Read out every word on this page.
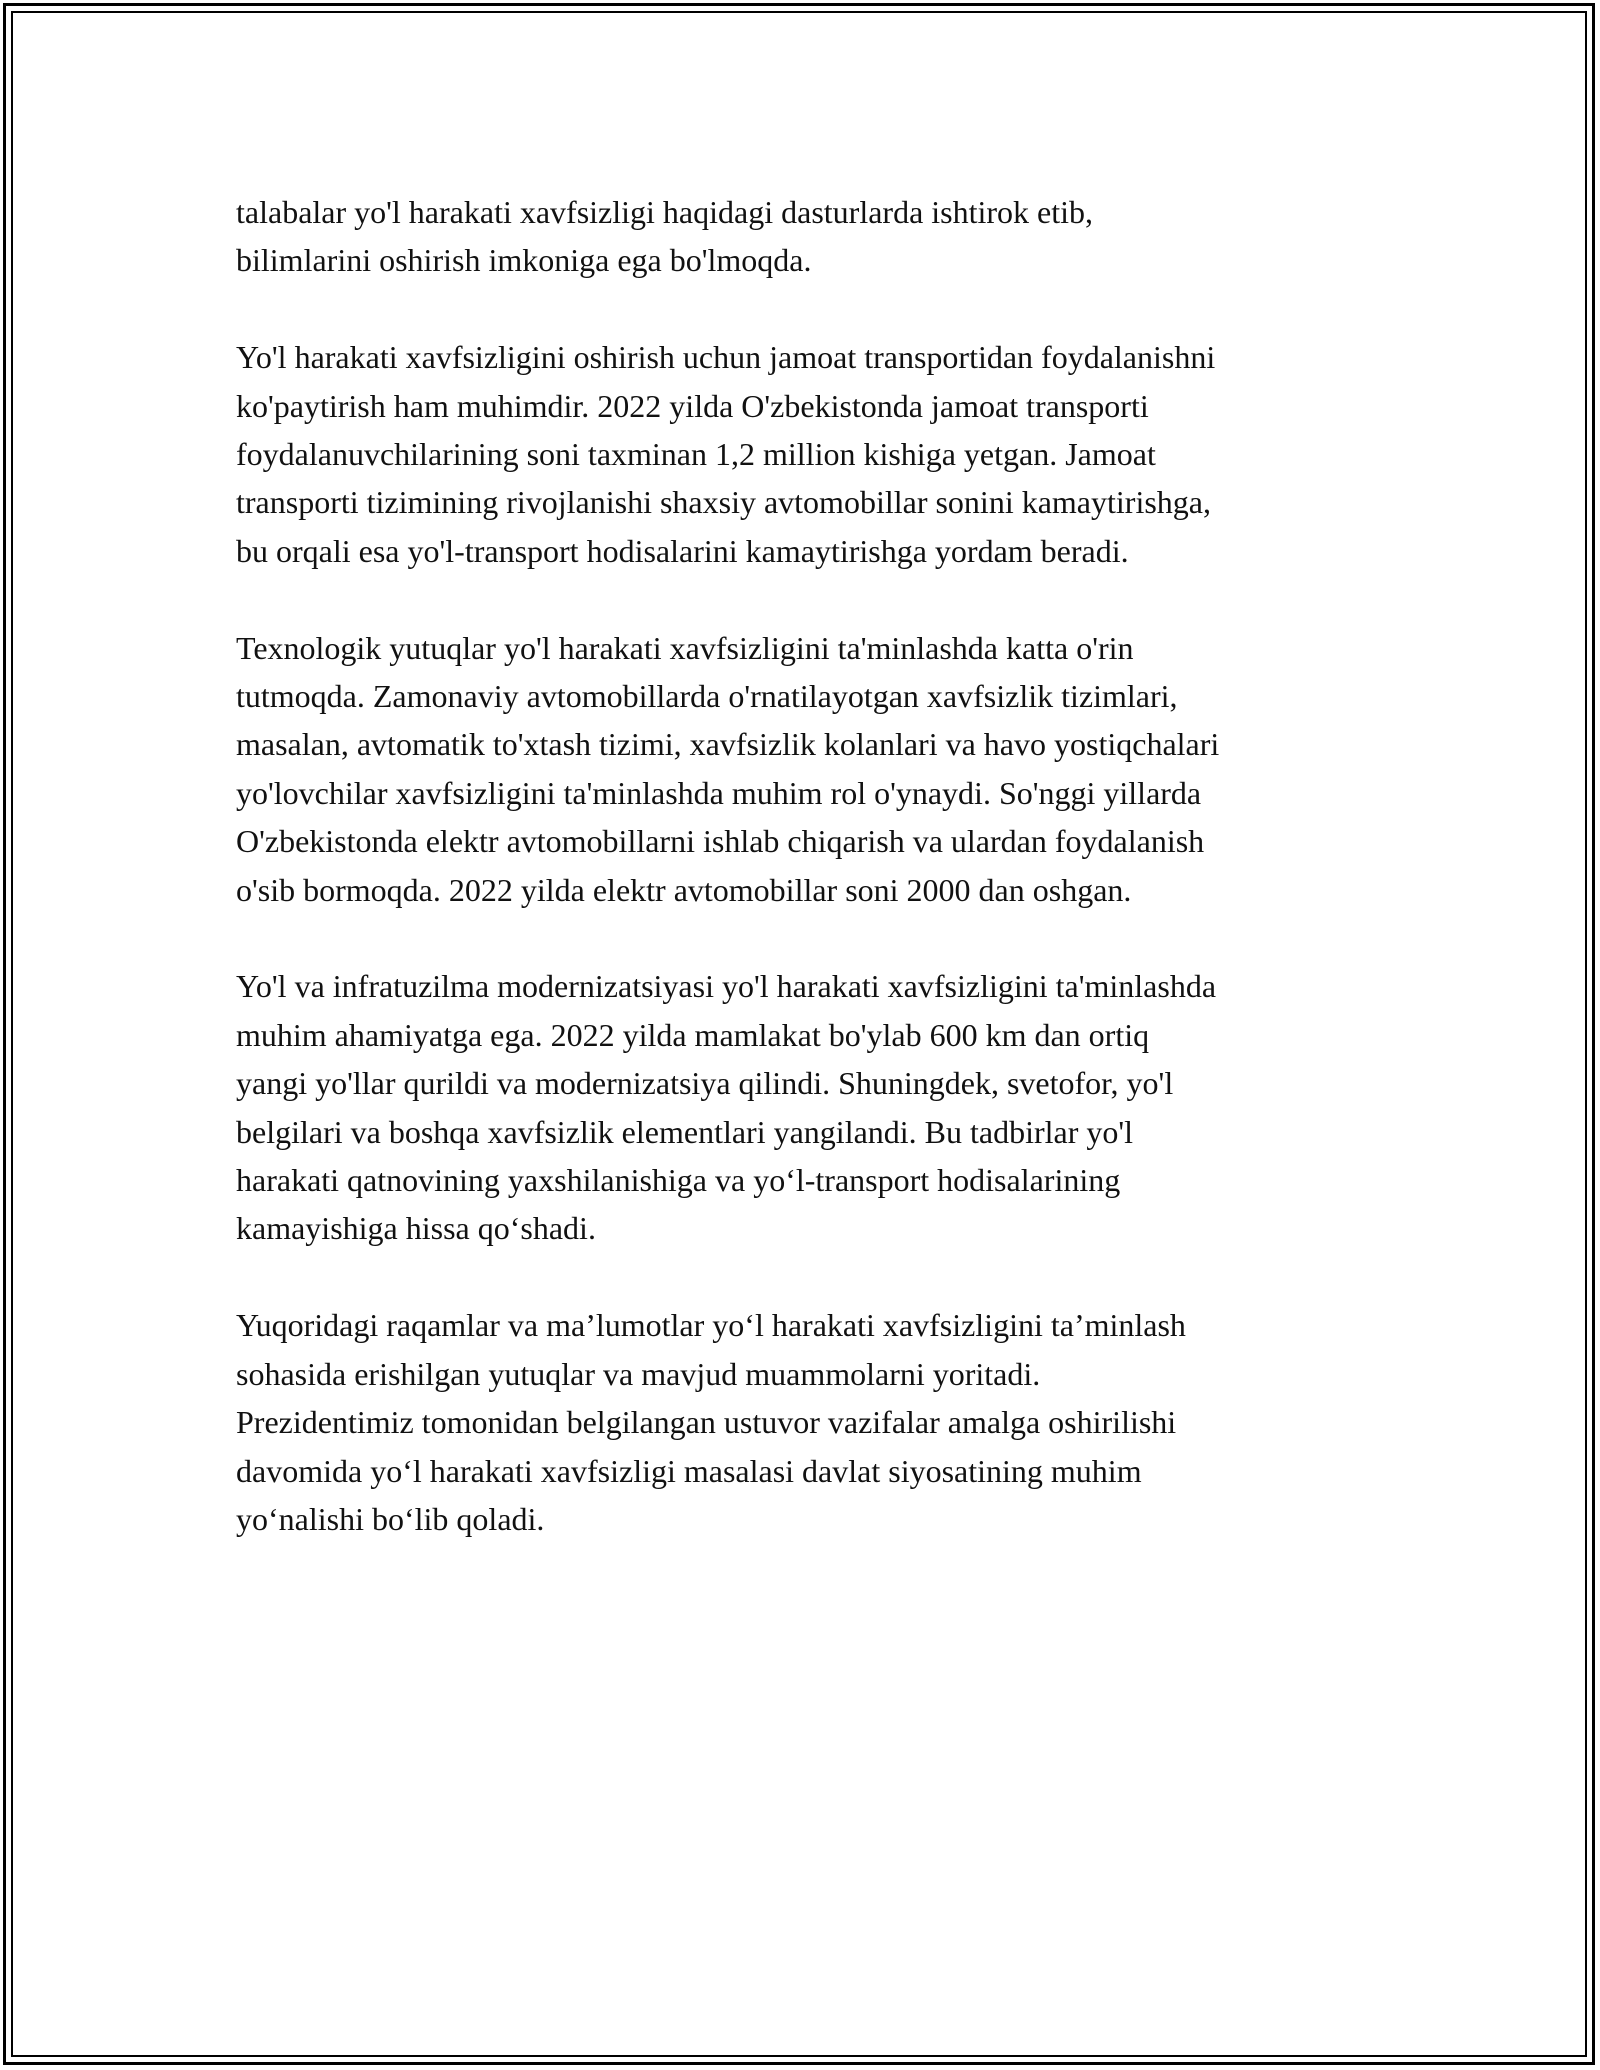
talabalar yo'l harakati xavfsizligi haqidagi dasturlarda ishtirok etib,
bilimlarini oshirish imkoniga ega bo'lmoqda.

Yo'l harakati xavfsizligini oshirish uchun jamoat transportidan foydalanishni
ko'paytirish ham muhimdir. 2022 yilda O'zbekistonda jamoat transporti
foydalanuvchilarining soni taxminan 1,2 million kishiga yetgan. Jamoat
transporti tizimining rivojlanishi shaxsiy avtomobillar sonini kamaytirishga,
bu orqali esa yo'l-transport hodisalarini kamaytirishga yordam beradi.

Texnologik yutuqlar yo'l harakati xavfsizligini ta'minlashda katta o'rin
tutmoqda. Zamonaviy avtomobillarda o'rnatilayotgan xavfsizlik tizimlari,
masalan, avtomatik to'xtash tizimi, xavfsizlik kolanlari va havo yostiqchalari
yo'lovchilar xavfsizligini ta'minlashda muhim rol o'ynaydi. So'nggi yillarda
O'zbekistonda elektr avtomobillarni ishlab chiqarish va ulardan foydalanish
o'sib bormoqda. 2022 yilda elektr avtomobillar soni 2000 dan oshgan.

Yo'l va infratuzilma modernizatsiyasi yo'l harakati xavfsizligini ta'minlashda
muhim ahamiyatga ega. 2022 yilda mamlakat bo'ylab 600 km dan ortiq
yangi yo'llar qurildi va modernizatsiya qilindi. Shuningdek, svetofor, yo'l
belgilari va boshqa xavfsizlik elementlari yangilandi. Bu tadbirlar yo'l
harakati qatnovining yaxshilanishiga va yo‘l-transport hodisalarining
kamayishiga hissa qo‘shadi.

Yuqoridagi raqamlar va ma’lumotlar yo‘l harakati xavfsizligini ta’minlash
sohasida erishilgan yutuqlar va mavjud muammolarni yoritadi.
Prezidentimiz tomonidan belgilangan ustuvor vazifalar amalga oshirilishi
davomida yo‘l harakati xavfsizligi masalasi davlat siyosatining muhim
yo‘nalishi bo‘lib qoladi.
